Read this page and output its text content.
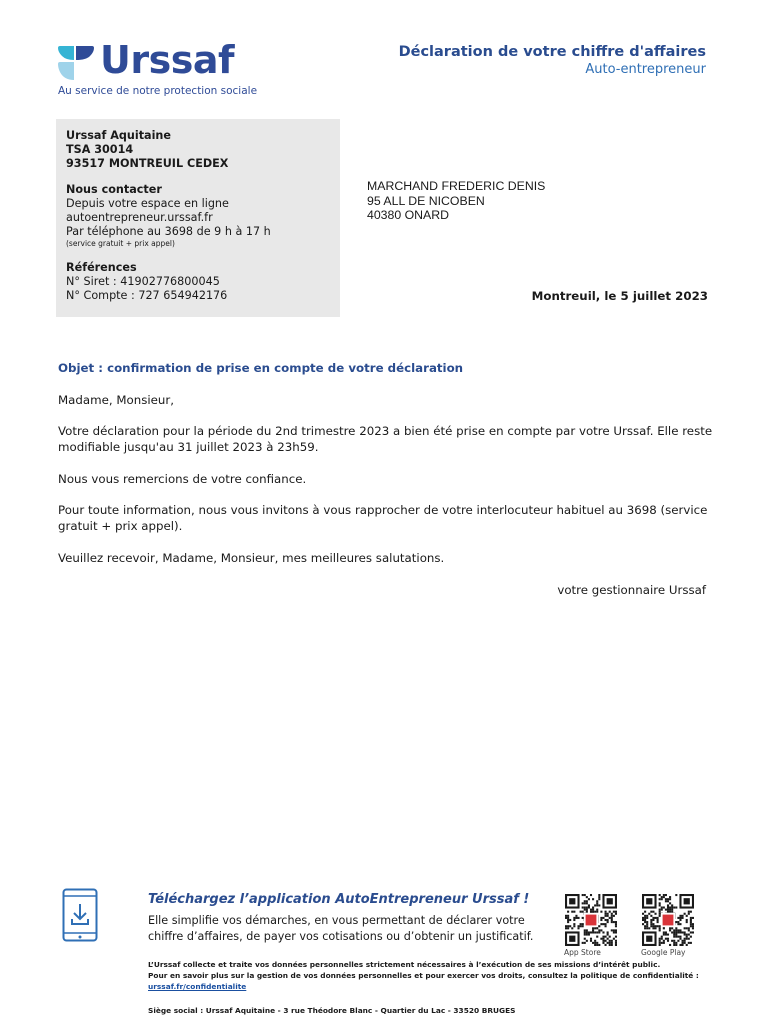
Urssaf
Au service de notre protection sociale
Déclaration de votre chiffre d'affaires
Auto-entrepreneur
Urssaf Aquitaine
TSA 30014
93517 MONTREUIL CEDEX
Nous contacter
Depuis votre espace en ligne
autoentrepreneur.urssaf.fr
Par téléphone au 3698 de 9 h à 17 h
(service gratuit + prix appel)
Références
N° Siret : 41902776800045
N° Compte : 727 654942176
MARCHAND FREDERIC DENIS
95 ALL DE NICOBEN
40380 ONARD
Montreuil, le 5 juillet 2023
Objet : confirmation de prise en compte de votre déclaration

Madame, Monsieur,

Votre déclaration pour la période du 2nd trimestre 2023 a bien été prise en compte par votre Urssaf. Elle reste modifiable jusqu'au 31 juillet 2023 à 23h59.

Nous vous remercions de votre confiance.

Pour toute information, nous vous invitons à vous rapprocher de votre interlocuteur habituel au 3698 (service gratuit + prix appel).

Veuillez recevoir, Madame, Monsieur, mes meilleures salutations.

votre gestionnaire Urssaf
Téléchargez l’application AutoEntrepreneur Urssaf !
Elle simplifie vos démarches, en vous permettant de déclarer votre chiffre d’affaires, de payer vos cotisations ou d’obtenir un justificatif.
App Store	Google Play
L’Urssaf collecte et traite vos données personnelles strictement nécessaires à l’exécution de ses missions d’intérêt public.
Pour en savoir plus sur la gestion de vos données personnelles et pour exercer vos droits, consultez la politique de confidentialité :
urssaf.fr/confidentialite
Siège social : Urssaf Aquitaine - 3 rue Théodore Blanc - Quartier du Lac - 33520 BRUGES
